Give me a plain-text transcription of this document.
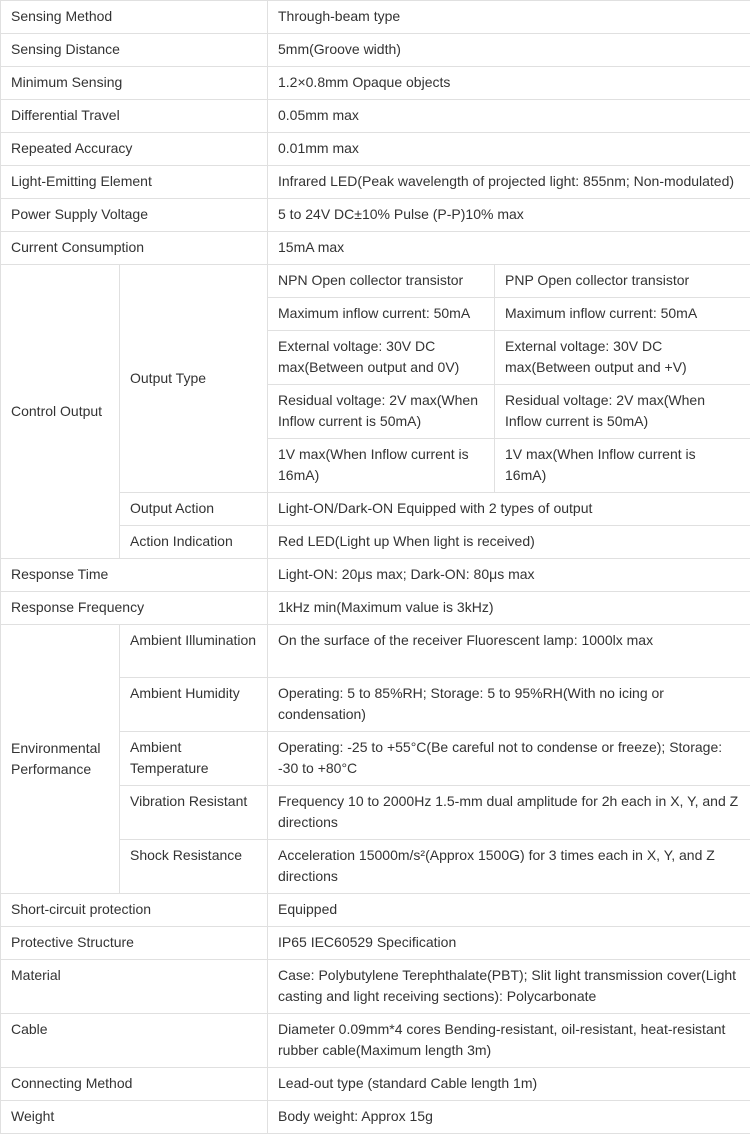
Sensing Method		Through-beam type	
Sensing Distance		5mm(Groove width)	
Minimum Sensing		1.2×0.8mm Opaque objects	
Differential Travel		0.05mm max	
Repeated Accuracy		0.01mm max	
Light-Emitting Element		Infrared LED(Peak wavelength of projected light: 855nm; Non-modulated)	
Power Supply Voltage		5 to 24V DC±10% Pulse (P-P)10% max	
Current Consumption		15mA max	
Control Output	Output Type	NPN Open collector transistor	PNP Open collector transistor
		Maximum inflow current: 50mA	Maximum inflow current: 50mA
		External voltage: 30V DC max(Between output and 0V)	External voltage: 30V DC max(Between output and +V)
		Residual voltage: 2V max(When Inflow current is 50mA)	Residual voltage: 2V max(When Inflow current is 50mA)
		1V max(When Inflow current is 16mA)	1V max(When Inflow current is 16mA)
	Output Action	Light-ON/Dark-ON Equipped with 2 types of output	
	Action Indication	Red LED(Light up When light is received)	
Response Time		Light-ON: 20μs max; Dark-ON: 80μs max	
Response Frequency		1kHz min(Maximum value is 3kHz)	
Environmental Performance	Ambient Illumination	On the surface of the receiver Fluorescent lamp: 1000lx max	
	Ambient Humidity	Operating: 5 to 85%RH; Storage: 5 to 95%RH(With no icing or condensation)	
	Ambient Temperature	Operating: -25 to +55°C(Be careful not to condense or freeze); Storage: -30 to +80°C	
	Vibration Resistant	Frequency 10 to 2000Hz 1.5-mm dual amplitude for 2h each in X, Y, and Z directions	
	Shock Resistance	Acceleration 15000m/s²(Approx 1500G) for 3 times each in X, Y, and Z directions	
Short-circuit protection		Equipped	
Protective Structure		IP65 IEC60529 Specification	
Material		Case: Polybutylene Terephthalate(PBT); Slit light transmission cover(Light casting and light receiving sections): Polycarbonate	
Cable		Diameter 0.09mm*4 cores Bending-resistant, oil-resistant, heat-resistant rubber cable(Maximum length 3m)	
Connecting Method		Lead-out type (standard Cable length 1m)	
Weight		Body weight: Approx 15g	
